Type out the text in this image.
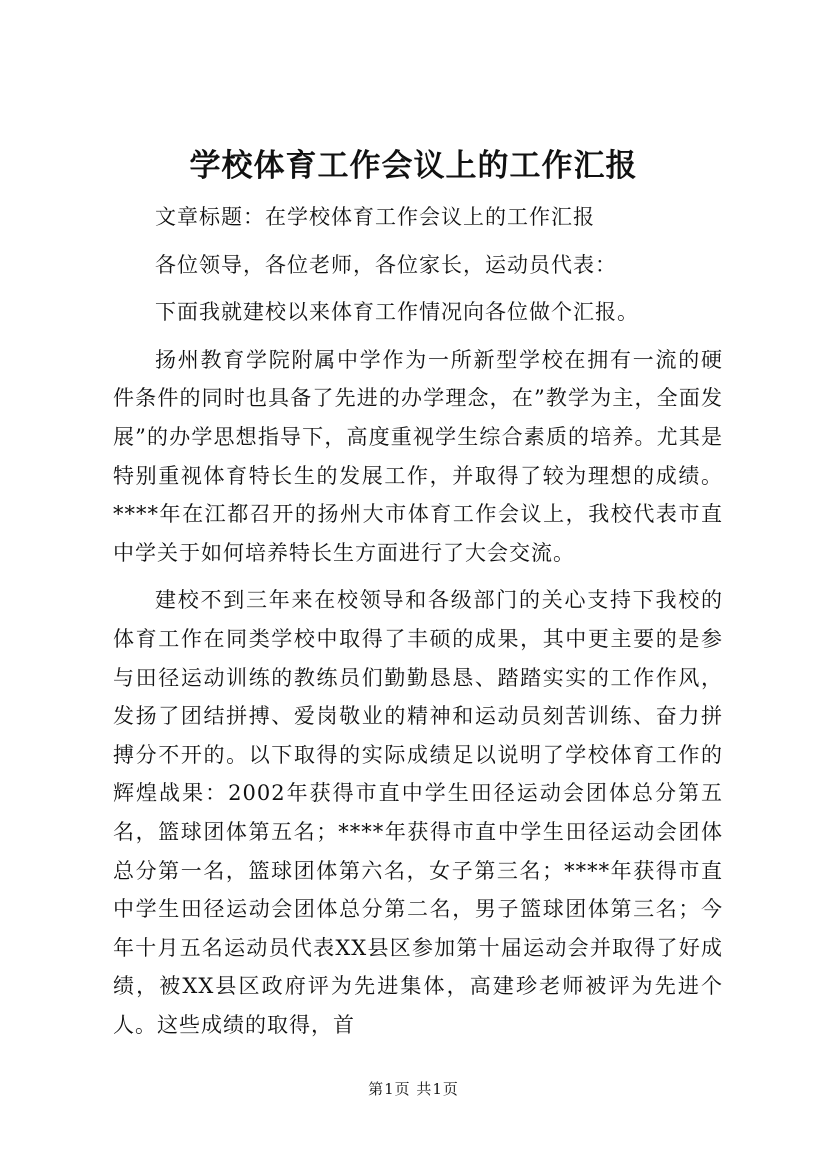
学校体育工作会议上的工作汇报

文章标题：在学校体育工作会议上的工作汇报

各位领导，各位老师，各位家长，运动员代表：

下面我就建校以来体育工作情况向各位做个汇报。

扬州教育学院附属中学作为一所新型学校在拥有一流的硬件条件的同时也具备了先进的办学理念，在”教学为主，全面发展”的办学思想指导下，高度重视学生综合素质的培养。尤其是特别重视体育特长生的发展工作，并取得了较为理想的成绩。****年在江都召开的扬州大市体育工作会议上，我校代表市直中学关于如何培养特长生方面进行了大会交流。

建校不到三年来在校领导和各级部门的关心支持下我校的体育工作在同类学校中取得了丰硕的成果，其中更主要的是参与田径运动训练的教练员们勤勤恳恳、踏踏实实的工作作风，发扬了团结拼搏、爱岗敬业的精神和运动员刻苦训练、奋力拼搏分不开的。以下取得的实际成绩足以说明了学校体育工作的辉煌战果：2002年获得市直中学生田径运动会团体总分第五名，篮球团体第五名；****年获得市直中学生田径运动会团体总分第一名，篮球团体第六名，女子第三名；****年获得市直中学生田径运动会团体总分第二名，男子篮球团体第三名；今年十月五名运动员代表XX县区参加第十届运动会并取得了好成绩，被XX县区政府评为先进集体，高建珍老师被评为先进个人。这些成绩的取得，首

第1页 共1页
